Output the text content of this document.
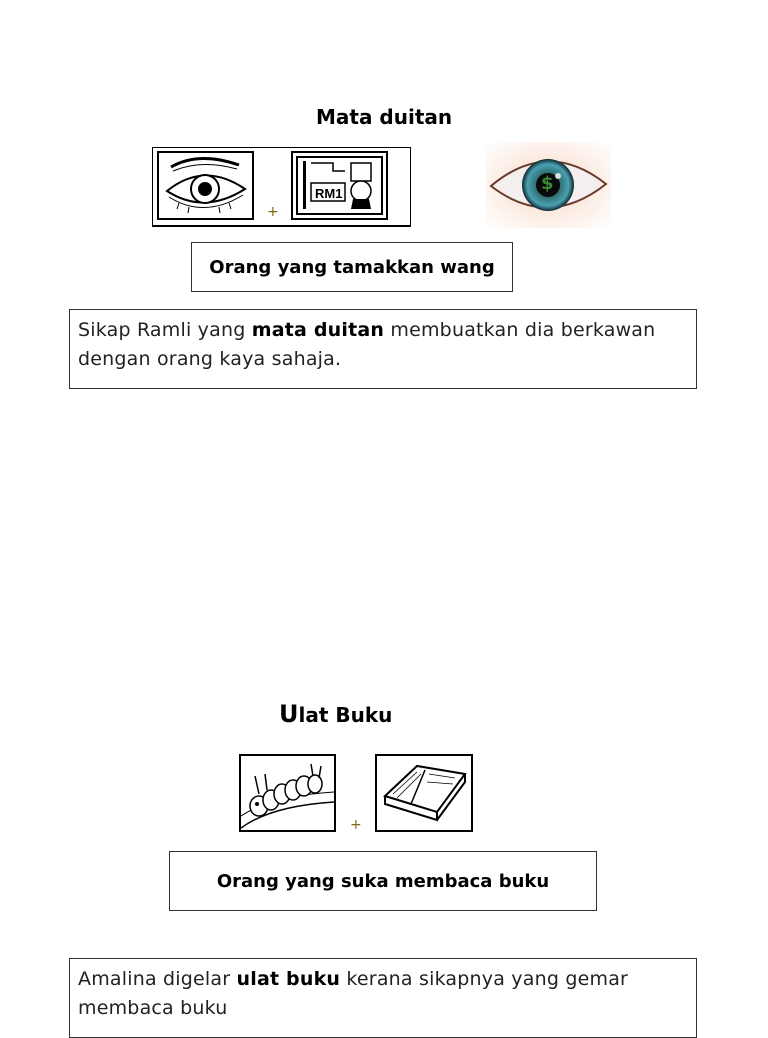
Mata duitan
+
RM1	$
Orang yang tamakkan wang
Sikap Ramli yang mata duitan membuatkan dia berkawan dengan orang kaya sahaja.
Ulat Buku
+
Orang yang suka membaca buku
Amalina digelar ulat buku kerana sikapnya yang gemar membaca buku
